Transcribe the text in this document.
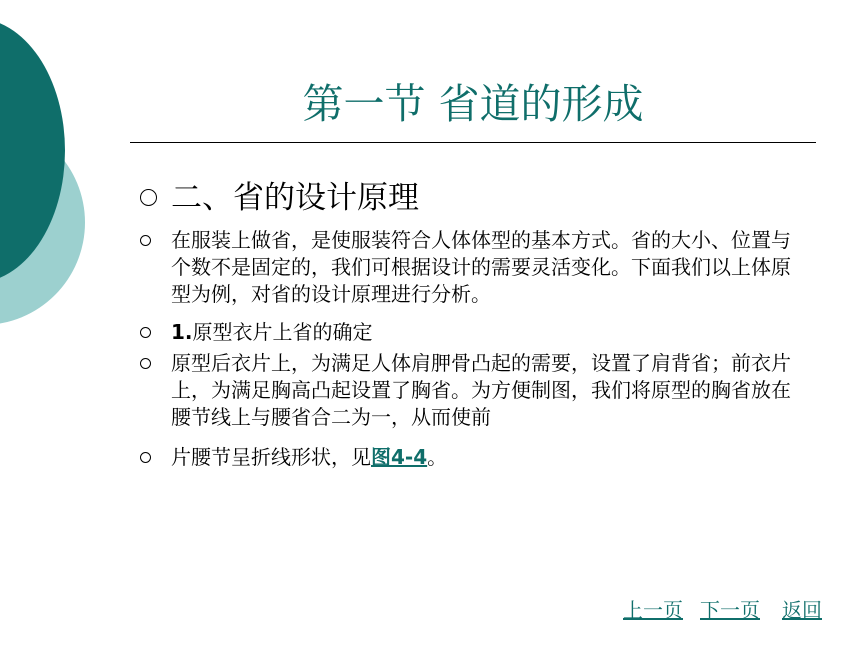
第一节 省道的形成
二、省的设计原理
在服装上做省，是使服装符合人体体型的基本方式。省的大小、位置与个数不是固定的，我们可根据设计的需要灵活变化。下面我们以上体原型为例，对省的设计原理进行分析。
1.原型衣片上省的确定
原型后衣片上，为满足人体肩胛骨凸起的需要，设置了肩背省；前衣片上，为满足胸高凸起设置了胸省。为方便制图，我们将原型的胸省放在腰节线上与腰省合二为一，从而使前
片腰节呈折线形状，见图4-4。
上一页 下一页 返回
